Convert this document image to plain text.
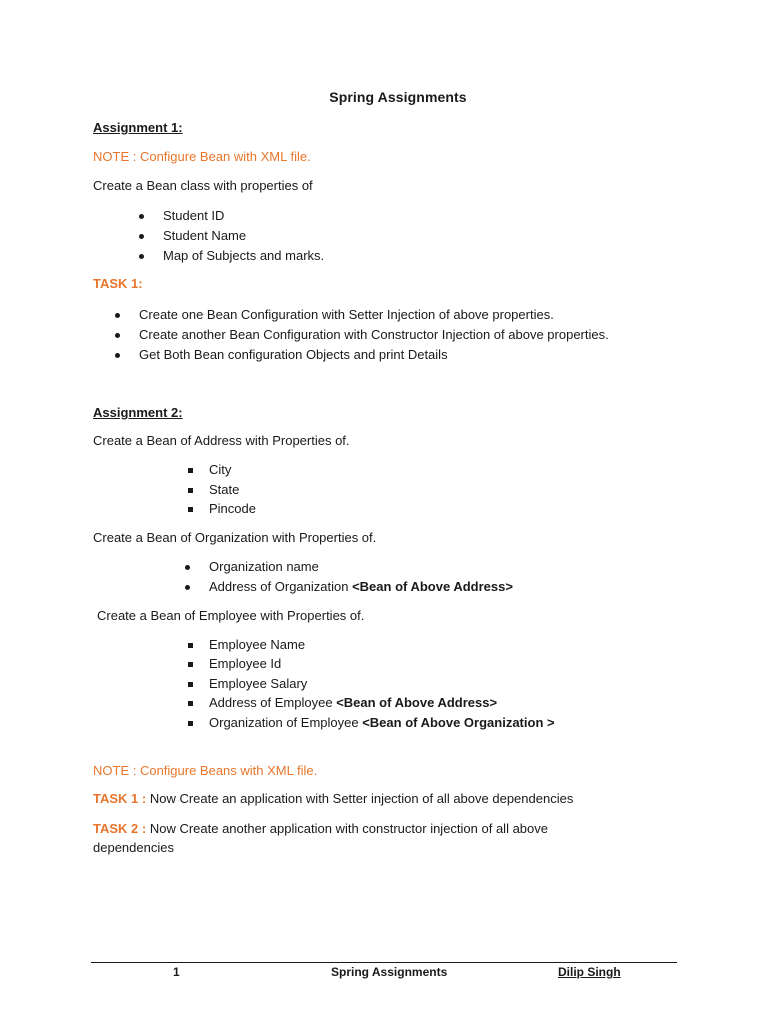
Spring Assignments
Assignment 1:
NOTE : Configure Bean with XML file.
Create a Bean class with properties of
Student ID
Student Name
Map of Subjects and marks.
TASK 1:
Create one Bean Configuration with Setter Injection of above properties.
Create another Bean Configuration with Constructor Injection of above properties.
Get Both Bean configuration Objects and print Details
Assignment 2:
Create a Bean of Address with Properties of.
City
State
Pincode
Create a Bean of Organization with Properties of.
Organization name
Address of Organization <Bean of Above Address>
Create a Bean of Employee with Properties of.
Employee Name
Employee Id
Employee Salary
Address of Employee <Bean of Above Address>
Organization of Employee <Bean of Above Organization >
NOTE : Configure Beans with XML file.
TASK 1 : Now Create an application with Setter injection of all above dependencies
TASK 2 : Now Create another application with constructor injection of all above
dependencies
1	Spring Assignments	Dilip Singh
